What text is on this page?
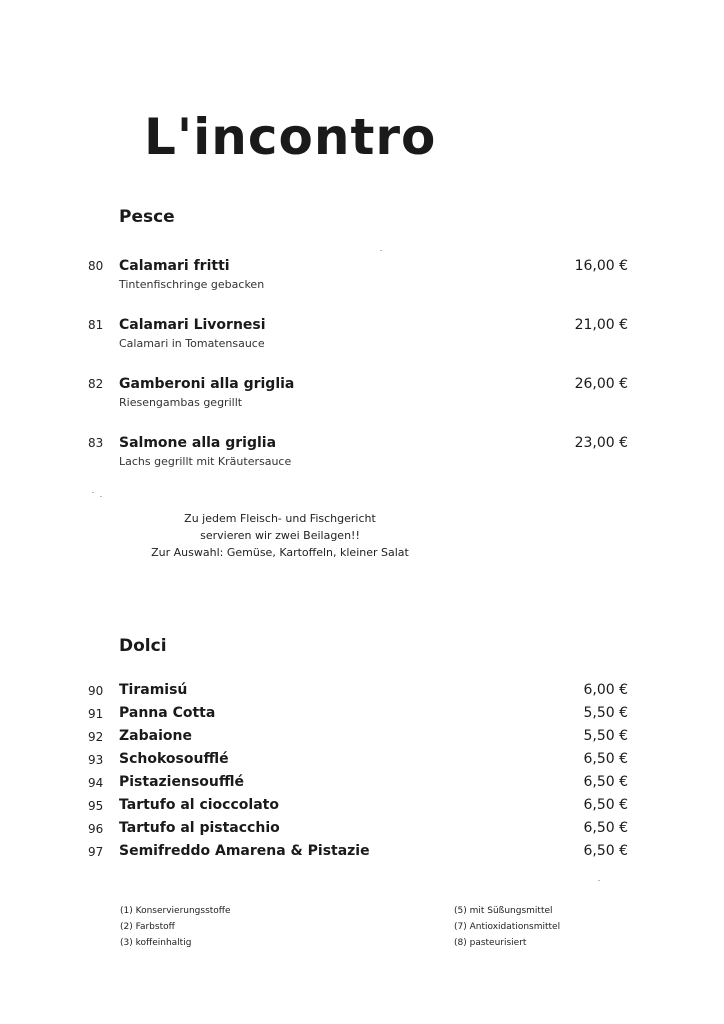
L'incontro
Pesce
80	Calamari fritti
Tintenfischringe gebacken
16,00 €
81	Calamari Livornesi
Calamari in Tomatensauce
21,00 €
82	Gamberoni alla griglia
Riesengambas gegrillt
26,00 €
83	Salmone alla griglia
Lachs gegrillt mit Kräutersauce
23,00 €
Zu jedem Fleisch- und Fischgericht
servieren wir zwei Beilagen!!
Zur Auswahl: Gemüse, Kartoffeln, kleiner Salat
Dolci
90	Tiramisú	6,00 €
91	Panna Cotta	5,50 €
92	Zabaione	5,50 €
93	Schokosoufflé	6,50 €
94	Pistaziensoufflé	6,50 €
95	Tartufo al cioccolato	6,50 €
96	Tartufo al pistacchio	6,50 €
97	Semifreddo Amarena & Pistazie	6,50 €
(1) Konservierungsstoffe
(2) Farbstoff
(3) koffeinhaltig
(5) mit Süßungsmittel
(7) Antioxidationsmittel
(8) pasteurisiert
